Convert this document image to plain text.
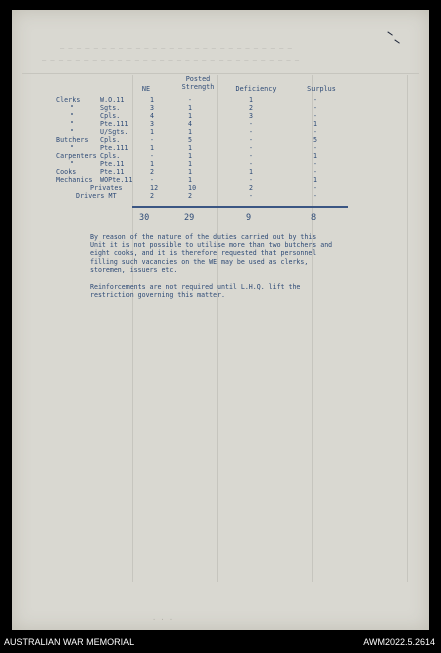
— — — — — — — — — — — — — — — — — — — — — — — — — — — —
— — — — — — — — — — — — — — — — — — — — — — — — — — — — — — —
NE
Posted
Strength	Deficiency	Surplus
Clerks	W.O.11	1	-	1	-
"	Sgts.	3	1	2	-
"	Cpls.	4	1	3	-
"	Pte.111	3	4	-	1
"	U/Sgts.	1	1	-	-
Butchers Cpls.	-	5	-	5
"	Pte.111	1	1	-	-
Carpenters Cpls.	-	1	-	1
"	Pte.11	1	1	-	-
Cooks	Pte.11	2	1	1	-
Mechanics WOPte.11	-	1	-	1
Privates	12	10	2	-
Drivers MT	2	2	-	-
30	29	9	8
By reason of the nature of the duties carried out by this
Unit it is not possible to utilise more than two butchers and
eight cooks, and it is therefore requested that personnel
filling such vacancies on the WE may be used as clerks,
storemen, issuers etc.
Reinforcements are not required until L.H.Q. lift the
restriction governing this matter.
· · ·
AUSTRALIAN WAR MEMORIAL	AWM2022.5.2614
